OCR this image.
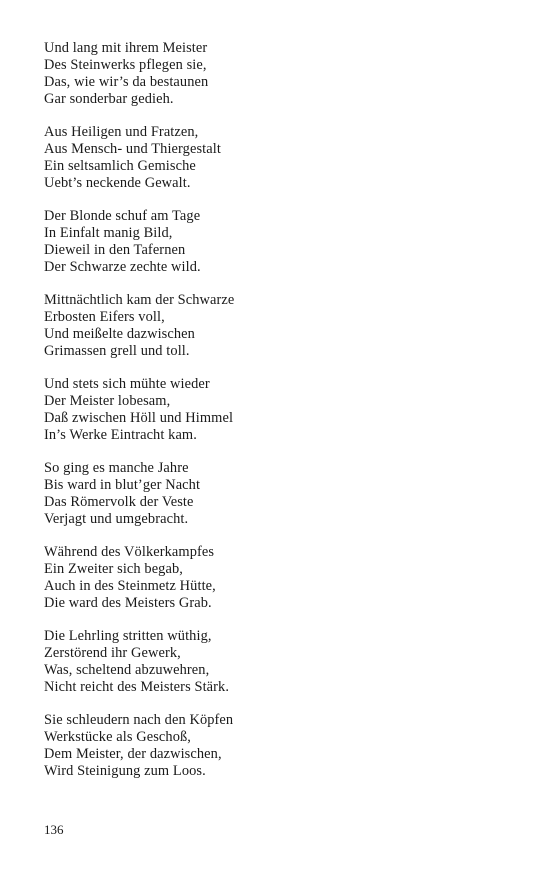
Und lang mit ihrem Meister
Des Steinwerks pflegen sie,
Das, wie wir’s da bestaunen
Gar sonderbar gedieh.
Aus Heiligen und Fratzen,
Aus Mensch- und Thiergestalt
Ein seltsamlich Gemische
Uebt’s neckende Gewalt.
Der Blonde schuf am Tage
In Einfalt manig Bild,
Dieweil in den Tafernen
Der Schwarze zechte wild.
Mittnächtlich kam der Schwarze
Erbosten Eifers voll,
Und meißelte dazwischen
Grimassen grell und toll.
Und stets sich mühte wieder
Der Meister lobesam,
Daß zwischen Höll und Himmel
In’s Werke Eintracht kam.
So ging es manche Jahre
Bis ward in blut’ger Nacht
Das Römervolk der Veste
Verjagt und umgebracht.
Während des Völkerkampfes
Ein Zweiter sich begab,
Auch in des Steinmetz Hütte,
Die ward des Meisters Grab.
Die Lehrling stritten wüthig,
Zerstörend ihr Gewerk,
Was, scheltend abzuwehren,
Nicht reicht des Meisters Stärk.
Sie schleudern nach den Köpfen
Werkstücke als Geschoß,
Dem Meister, der dazwischen,
Wird Steinigung zum Loos.
136
